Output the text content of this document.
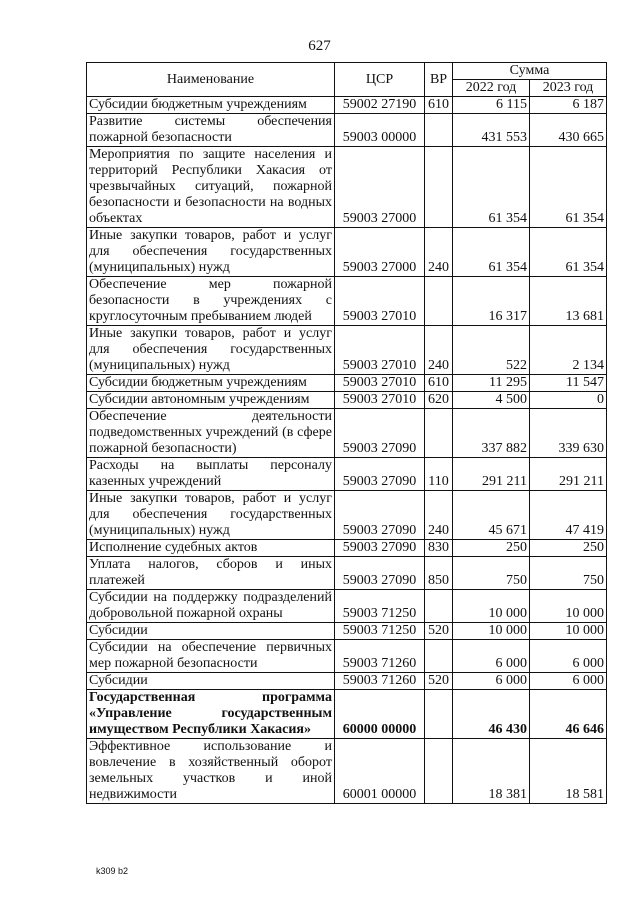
627
Наименование	ЦСР	ВР	Сумма	
			2022 год	2023 год
Субсидии бюджетным учреждениям	59002 27190	610	6 115	6 187
Развитие системы обеспечения пожарной безопасности	59003 00000		431 553	430 665
Мероприятия по защите населения и территорий Республики Хакасия от чрезвычайных ситуаций, пожарной безопасности и безопасности на водных объектах	59003 27000		61 354	61 354
Иные закупки товаров, работ и услуг для обеспечения государственных (муниципальных) нужд	59003 27000	240	61 354	61 354
Обеспечение мер пожарной безопасности в учреждениях с круглосуточным пребыванием людей	59003 27010		16 317	13 681
Иные закупки товаров, работ и услуг для обеспечения государственных (муниципальных) нужд	59003 27010	240	522	2 134
Субсидии бюджетным учреждениям	59003 27010	610	11 295	11 547
Субсидии автономным учреждениям	59003 27010	620	4 500	0
Обеспечение деятельности подведомственных учреждений (в сфере пожарной безопасности)	59003 27090		337 882	339 630
Расходы на выплаты персоналу казенных учреждений	59003 27090	110	291 211	291 211
Иные закупки товаров, работ и услуг для обеспечения государственных (муниципальных) нужд	59003 27090	240	45 671	47 419
Исполнение судебных актов	59003 27090	830	250	250
Уплата налогов, сборов и иных платежей	59003 27090	850	750	750
Субсидии на поддержку подразделений добровольной пожарной охраны	59003 71250		10 000	10 000
Субсидии	59003 71250	520	10 000	10 000
Субсидии на обеспечение первичных мер пожарной безопасности	59003 71260		6 000	6 000
Субсидии	59003 71260	520	6 000	6 000
Государственная программа «Управление государственным имуществом Республики Хакасия»	60000 00000		46 430	46 646
Эффективное использование и вовлечение в хозяйственный оборот земельных участков и иной недвижимости	60001 00000		18 381	18 581
k309 b2
